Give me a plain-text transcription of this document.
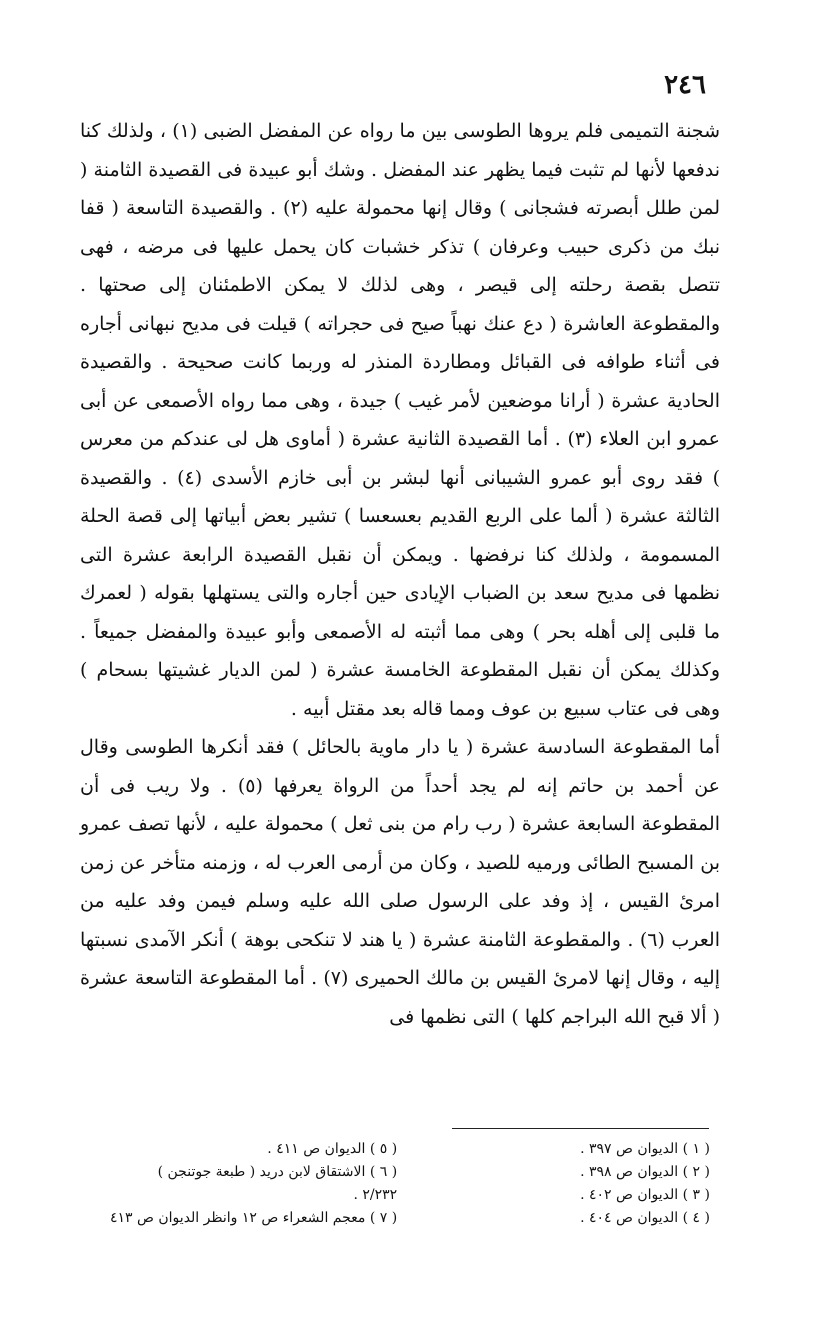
٢٤٦

شجنة التميمى فلم يروها الطوسى بين ما رواه عن المفضل الضبى (١) ، ولذلك كنا ندفعها لأنها لم تثبت فيما يظهر عند المفضل . وشك أبو عبيدة فى القصيدة الثامنة ( لمن طلل أبصرته فشجانى ) وقال إنها محمولة عليه (٢) . والقصيدة التاسعة ( قفا نبك من ذكرى حبيب وعرفان ) تذكر خشبات كان يحمل عليها فى مرضه ، فهى تتصل بقصة رحلته إلى قيصر ، وهى لذلك لا يمكن الاطمئنان إلى صحتها . والمقطوعة العاشرة ( دع عنك نهباً صيح فى حجراته ) قيلت فى مديح نبهانى أجاره فى أثناء طوافه فى القبائل ومطاردة المنذر له وربما كانت صحيحة . والقصيدة الحادية عشرة ( أرانا موضعين لأمر غيب ) جيدة ، وهى مما رواه الأصمعى عن أبى عمرو ابن العلاء (٣) . أما القصيدة الثانية عشرة ( أماوى هل لى عندكم من معرس ) فقد روى أبو عمرو الشيبانى أنها لبشر بن أبى خازم الأسدى (٤) . والقصيدة الثالثة عشرة ( ألما على الربع القديم بعسعسا ) تشير بعض أبياتها إلى قصة الحلة المسمومة ، ولذلك كنا نرفضها . ويمكن أن نقبل القصيدة الرابعة عشرة التى نظمها فى مديح سعد بن الضباب الإيادى حين أجاره والتى يستهلها بقوله ( لعمرك ما قلبى إلى أهله بحر ) وهى مما أثبته له الأصمعى وأبو عبيدة والمفضل جميعاً . وكذلك يمكن أن نقبل المقطوعة الخامسة عشرة ( لمن الديار غشيتها بسحام ) وهى فى عتاب سبيع بن عوف ومما قاله بعد مقتل أبيه .

أما المقطوعة السادسة عشرة ( يا دار ماوية بالحائل ) فقد أنكرها الطوسى وقال عن أحمد بن حاتم إنه لم يجد أحداً من الرواة يعرفها (٥) . ولا ريب فى أن المقطوعة السابعة عشرة ( رب رام من بنى ثعل ) محمولة عليه ، لأنها تصف عمرو بن المسبح الطائى ورميه للصيد ، وكان من أرمى العرب له ، وزمنه متأخر عن زمن امرئ القيس ، إذ وفد على الرسول صلى الله عليه وسلم فيمن وفد عليه من العرب (٦) . والمقطوعة الثامنة عشرة ( يا هند لا تنكحى بوهة ) أنكر الآمدى نسبتها إليه ، وقال إنها لامرئ القيس بن مالك الحميرى (٧) . أما المقطوعة التاسعة عشرة ( ألا قبح الله البراجم كلها ) التى نظمها فى

( ١ ) الديوان ص ٣٩٧ .

( ٢ ) الديوان ص ٣٩٨ .

( ٣ ) الديوان ص ٤٠٢ .

( ٤ ) الديوان ص ٤٠٤ .

( ٥ ) الديوان ص ٤١١ .

( ٦ ) الاشتقاق لابن دريد ( طبعة جوتنجن )

٢/٢٣٢ .

( ٧ ) معجم الشعراء ص ١٢ وانظر الديوان ص ٤١٣
